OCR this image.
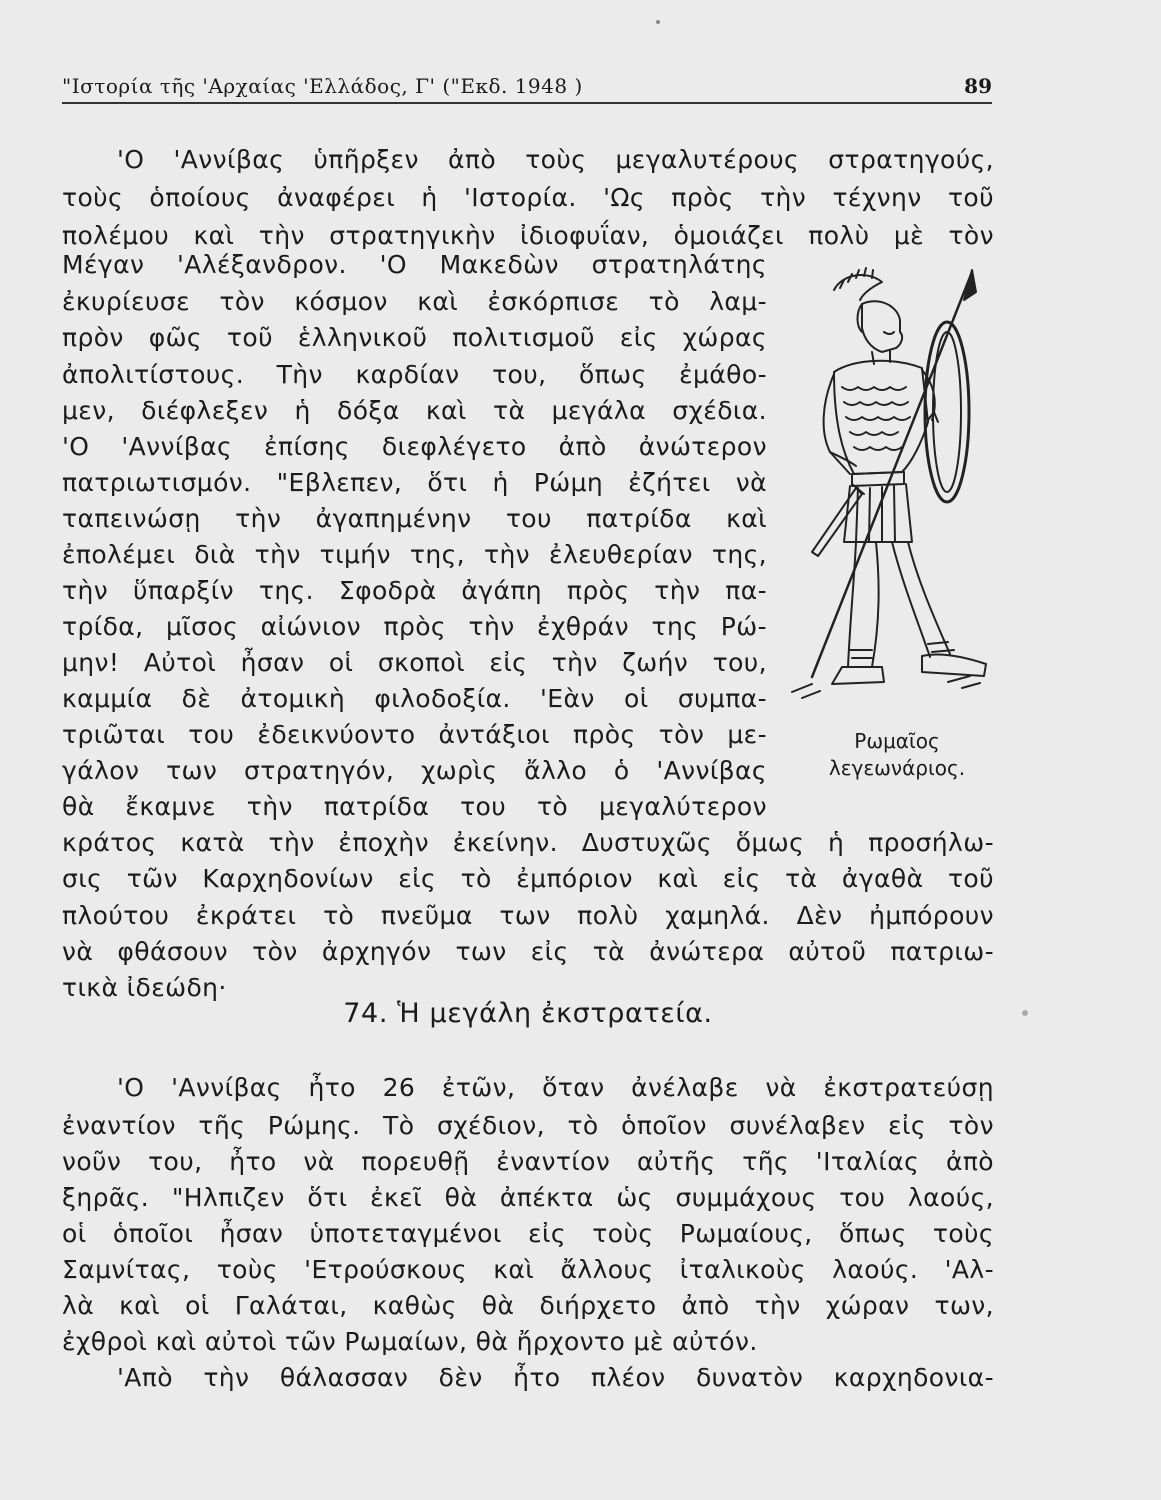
"Ιστορία τῆς 'Αρχαίας 'Ελλάδος, Γ' ("Εκδ. 1948 )	89
'Ο 'Αννίβας ὑπῆρξεν ἀπὸ τοὺς μεγαλυτέρους στρατηγούς,
τοὺς ὁποίους ἀναφέρει ἡ 'Ιστορία. 'Ως πρὸς τὴν τέχνην τοῦ
πολέμου καὶ τὴν στρατηγικὴν ἰδιοφυΐαν, ὁμοιάζει πολὺ μὲ τὸν
Μέγαν 'Αλέξανδρον. 'Ο Μακεδὼν στρατηλάτης
ἐκυρίευσε τὸν κόσμον καὶ ἐσκόρπισε τὸ λαμ-
πρὸν φῶς τοῦ ἑλληνικοῦ πολιτισμοῦ εἰς χώρας
ἀπολιτίστους. Τὴν καρδίαν του, ὅπως ἐμάθο-
μεν, διέφλεξεν ἡ δόξα καὶ τὰ μεγάλα σχέδια.
'Ο 'Αννίβας ἐπίσης διεφλέγετο ἀπὸ ἀνώτερον
πατριωτισμόν. "Εβλεπεν, ὅτι ἡ Ρώμη ἐζήτει νὰ
ταπεινώσῃ τὴν ἀγαπημένην του πατρίδα καὶ
ἐπολέμει διὰ τὴν τιμήν της, τὴν ἐλευθερίαν της,
τὴν ὕπαρξίν της. Σφοδρὰ ἀγάπη πρὸς τὴν πα-
τρίδα, μῖσος αἰώνιον πρὸς τὴν ἐχθράν της Ρώ-
μην! Αὐτοὶ ἦσαν οἱ σκοποὶ εἰς τὴν ζωήν του,
καμμία δὲ ἀτομικὴ φιλοδοξία. 'Εὰν οἱ συμπα-
τριῶται του ἐδεικνύοντο ἀντάξιοι πρὸς τὸν με-
γάλον των στρατηγόν, χωρὶς ἄλλο ὁ 'Αννίβας
θὰ ἔκαμνε τὴν πατρίδα του τὸ μεγαλύτερον
κράτος κατὰ τὴν ἐποχὴν ἐκείνην. Δυστυχῶς ὅμως ἡ προσήλω-
σις τῶν Καρχηδονίων εἰς τὸ ἐμπόριον καὶ εἰς τὰ ἀγαθὰ τοῦ
πλούτου ἐκράτει τὸ πνεῦμα των πολὺ χαμηλά. Δὲν ἠμπόρουν
νὰ φθάσουν τὸν ἀρχηγόν των εἰς τὰ ἀνώτερα αὐτοῦ πατριω-
τικὰ ἰδεώδη·
Ρωμαῖος
λεγεωνάριος.
74. Ἡ μεγάλη ἐκστρατεία.
'Ο 'Αννίβας ἦτο 26 ἐτῶν, ὅταν ἀνέλαβε νὰ ἐκστρατεύσῃ
ἐναντίον τῆς Ρώμης. Τὸ σχέδιον, τὸ ὁποῖον συνέλαβεν εἰς τὸν
νοῦν του, ἦτο νὰ πορευθῇ ἐναντίον αὐτῆς τῆς 'Ιταλίας ἀπὸ
ξηρᾶς. "Ηλπιζεν ὅτι ἐκεῖ θὰ ἀπέκτα ὡς συμμάχους του λαούς,
οἱ ὁποῖοι ἦσαν ὑποτεταγμένοι εἰς τοὺς Ρωμαίους, ὅπως τοὺς
Σαμνίτας, τοὺς 'Ετρούσκους καὶ ἄλλους ἰταλικοὺς λαούς. 'Αλ-
λὰ καὶ οἱ Γαλάται, καθὼς θὰ διήρχετο ἀπὸ τὴν χώραν των,
ἐχθροὶ καὶ αὐτοὶ τῶν Ρωμαίων, θὰ ἤρχοντο μὲ αὐτόν.
'Απὸ τὴν θάλασσαν δὲν ἦτο πλέον δυνατὸν καρχηδονια-
